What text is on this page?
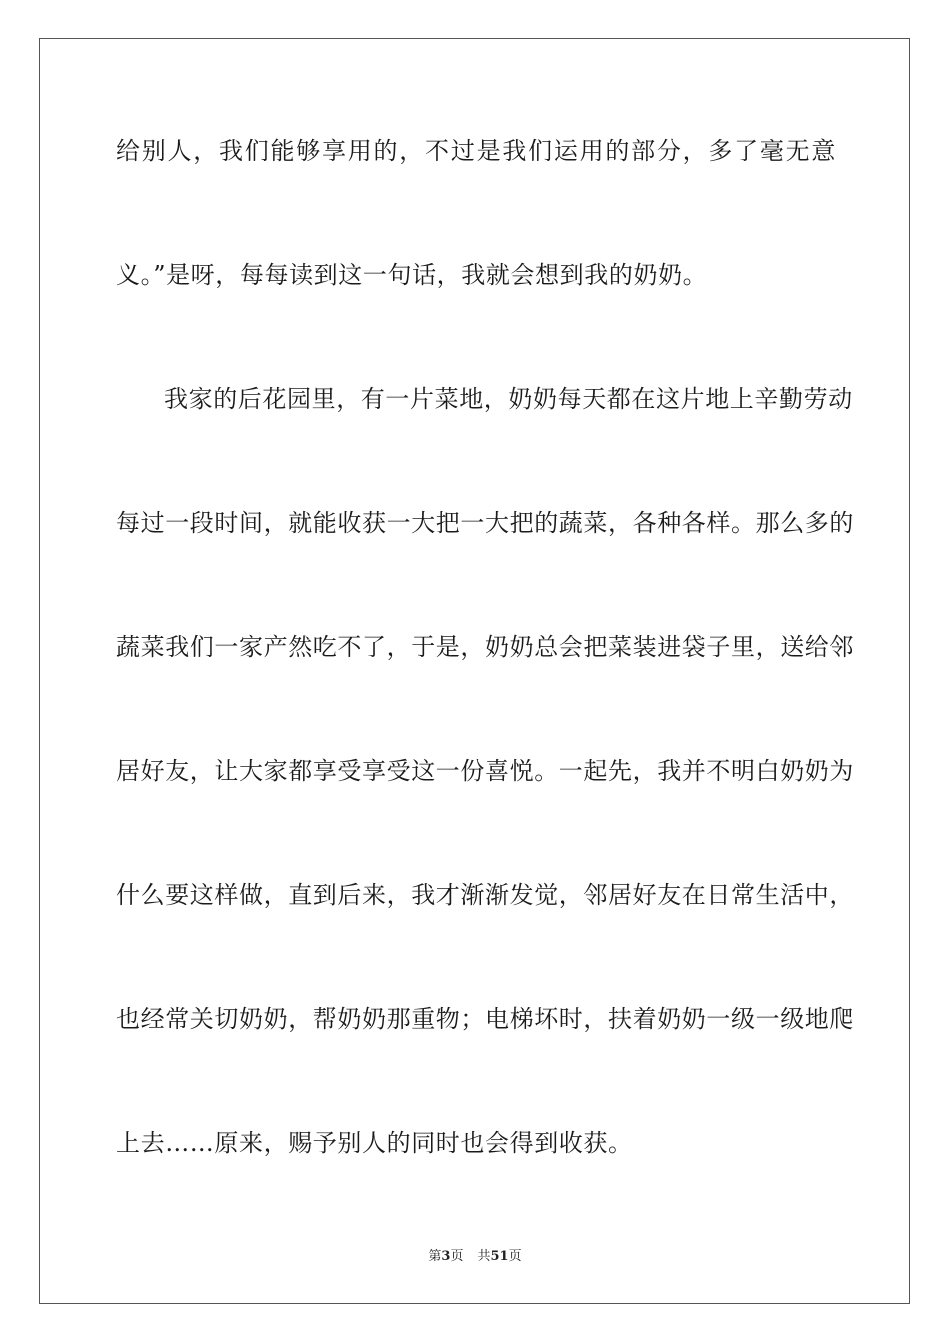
给别人，我们能够享用的，不过是我们运用的部分，多了毫无意
义。”是呀，每每读到这一句话，我就会想到我的奶奶。
我家的后花园里，有一片菜地，奶奶每天都在这片地上辛勤劳动
每过一段时间，就能收获一大把一大把的蔬菜，各种各样。那么多的
蔬菜我们一家产然吃不了，于是，奶奶总会把菜装进袋子里，送给邻
居好友，让大家都享受享受这一份喜悦。一起先，我并不明白奶奶为
什么要这样做，直到后来，我才渐渐发觉，邻居好友在日常生活中，
也经常关切奶奶，帮奶奶那重物；电梯坏时，扶着奶奶一级一级地爬
上去……原来，赐予别人的同时也会得到收获。
第3页 共51页
